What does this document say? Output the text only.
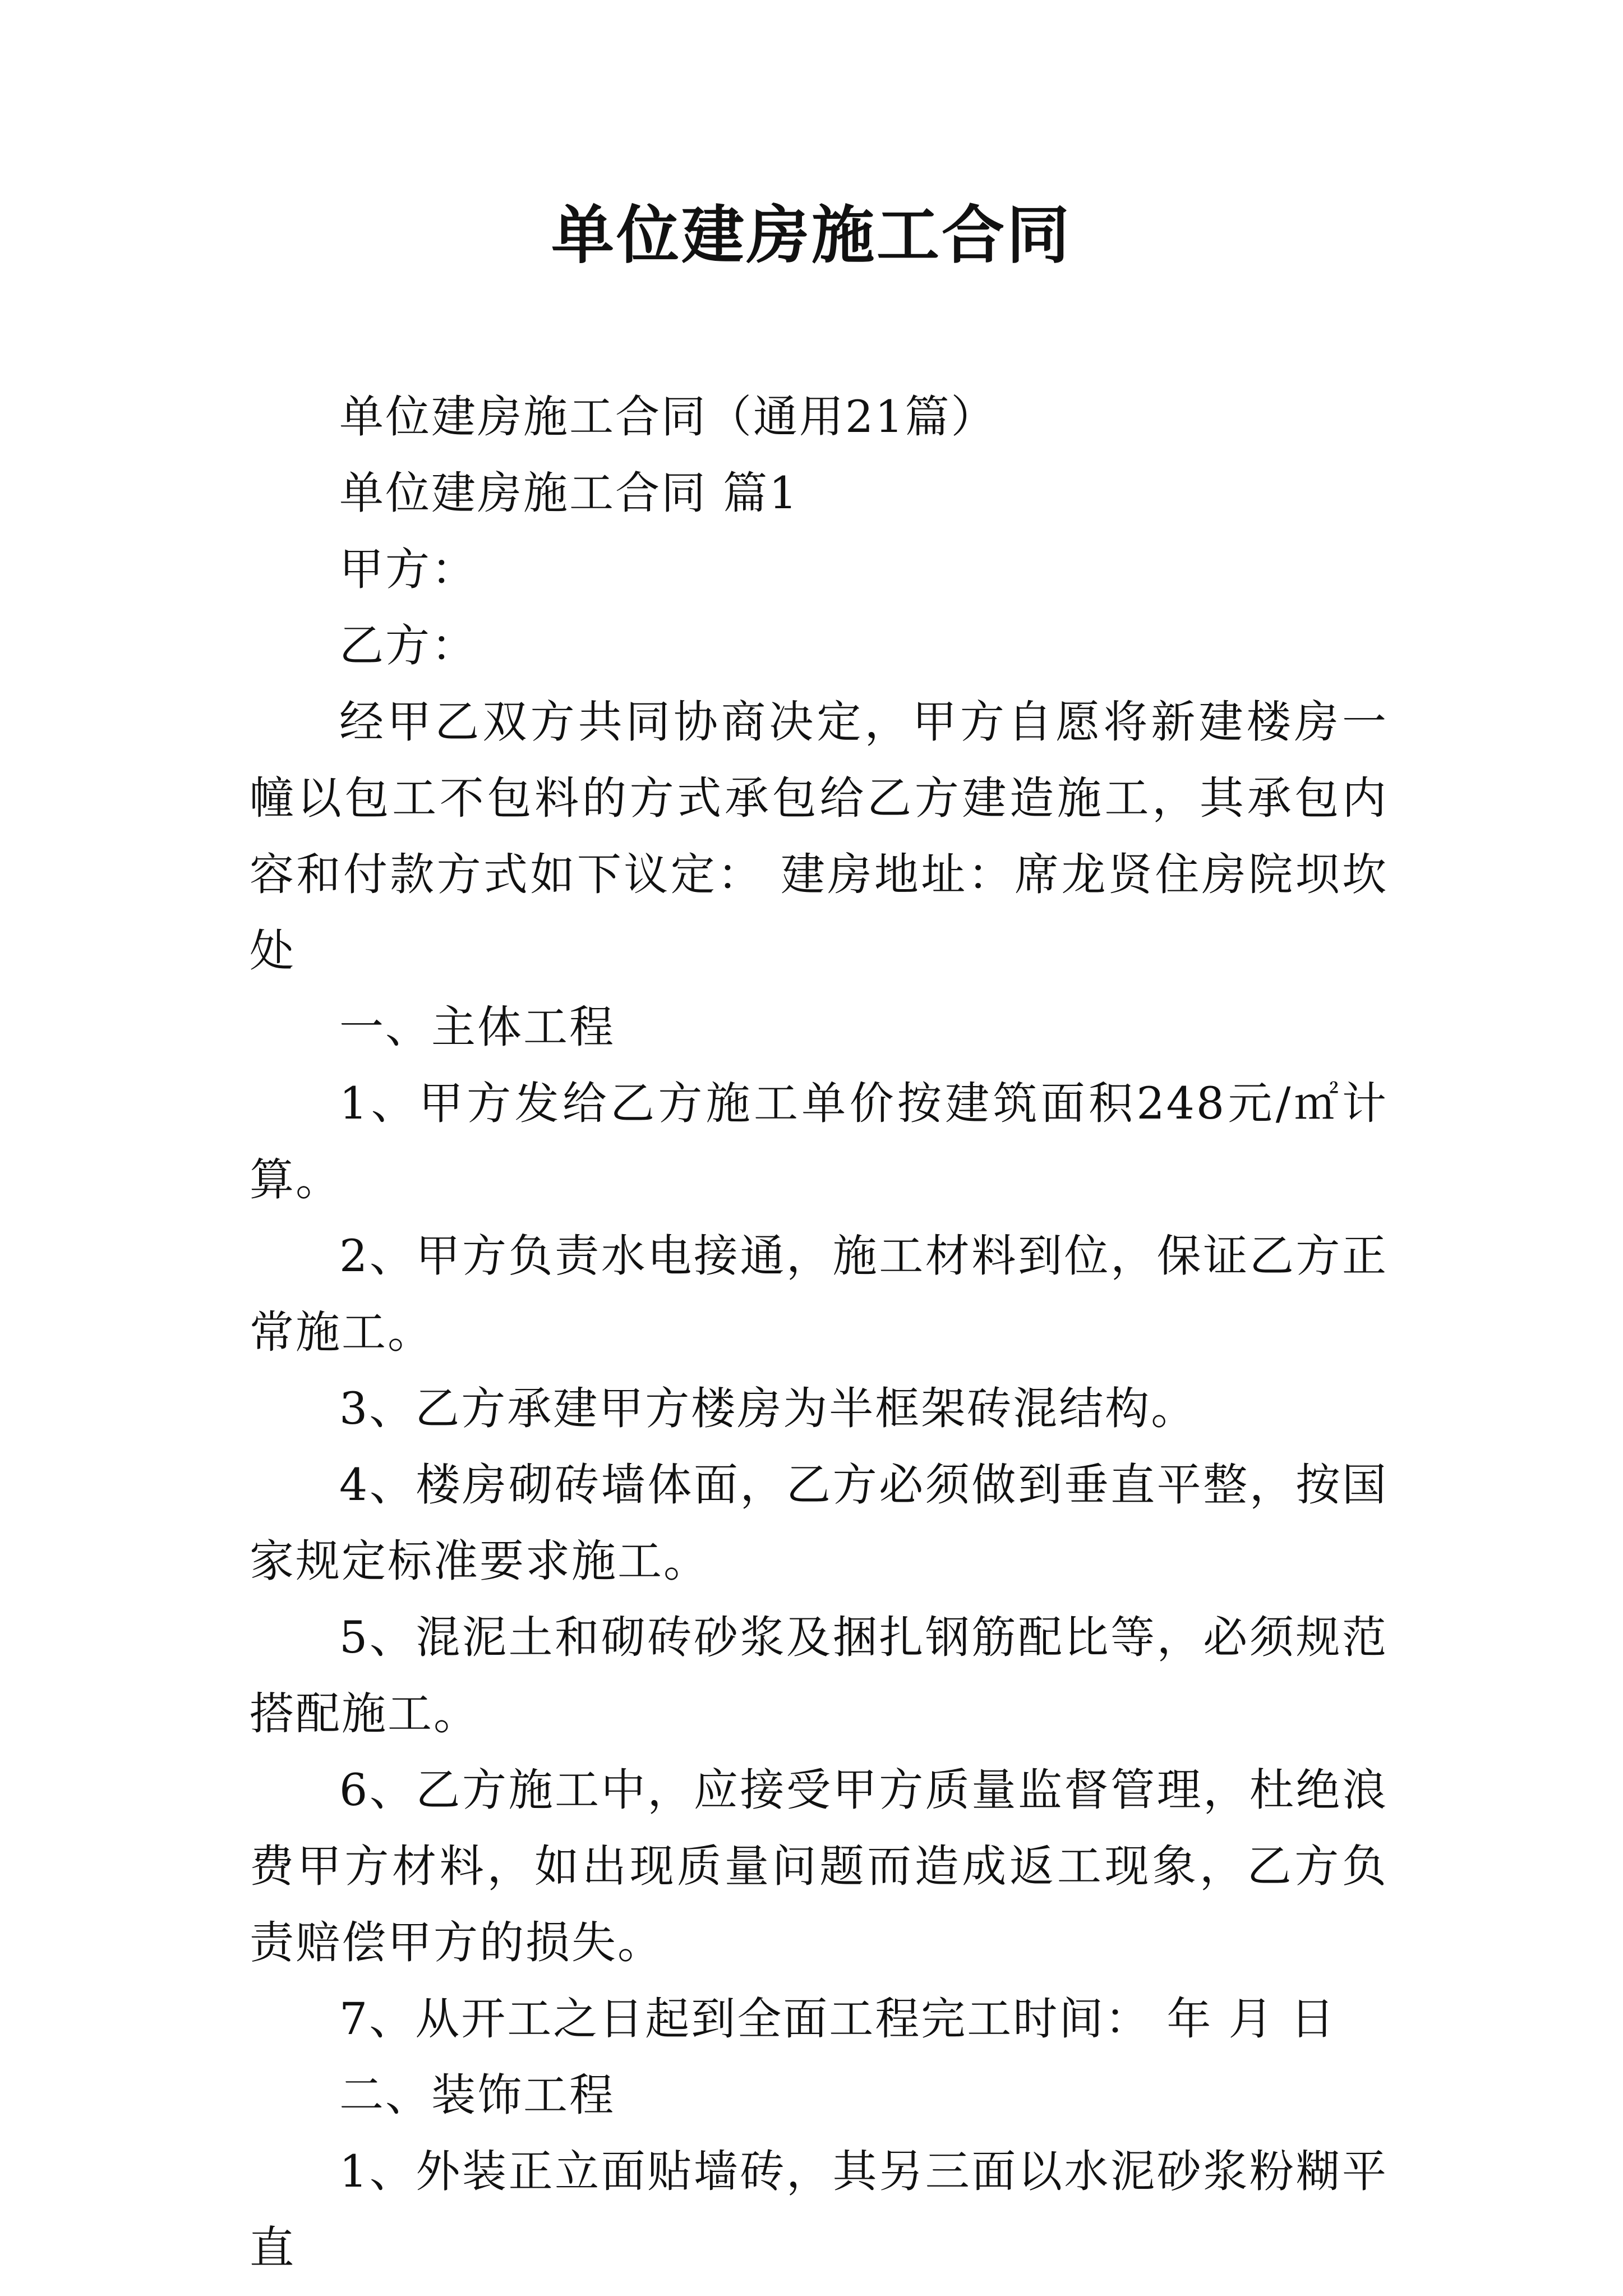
单位建房施工合同

单位建房施工合同（通用21篇）

单位建房施工合同 篇1

甲方：

乙方：

经甲乙双方共同协商决定，甲方自愿将新建楼房一幢以包工不包料的方式承包给乙方建造施工，其承包内容和付款方式如下议定： 建房地址：席龙贤住房院坝坎处

一、主体工程

1、甲方发给乙方施工单价按建筑面积248元/㎡计算。

2、甲方负责水电接通，施工材料到位，保证乙方正常施工。

3、乙方承建甲方楼房为半框架砖混结构。

4、楼房砌砖墙体面，乙方必须做到垂直平整，按国家规定标准要求施工。

5、混泥土和砌砖砂浆及捆扎钢筋配比等，必须规范搭配施工。

6、乙方施工中，应接受甲方质量监督管理，杜绝浪费甲方材料，如出现质量问题而造成返工现象，乙方负责赔偿甲方的损失。

7、从开工之日起到全面工程完工时间： 年 月 日

二、装饰工程

1、外装正立面贴墙砖，其另三面以水泥砂浆粉糊平直
